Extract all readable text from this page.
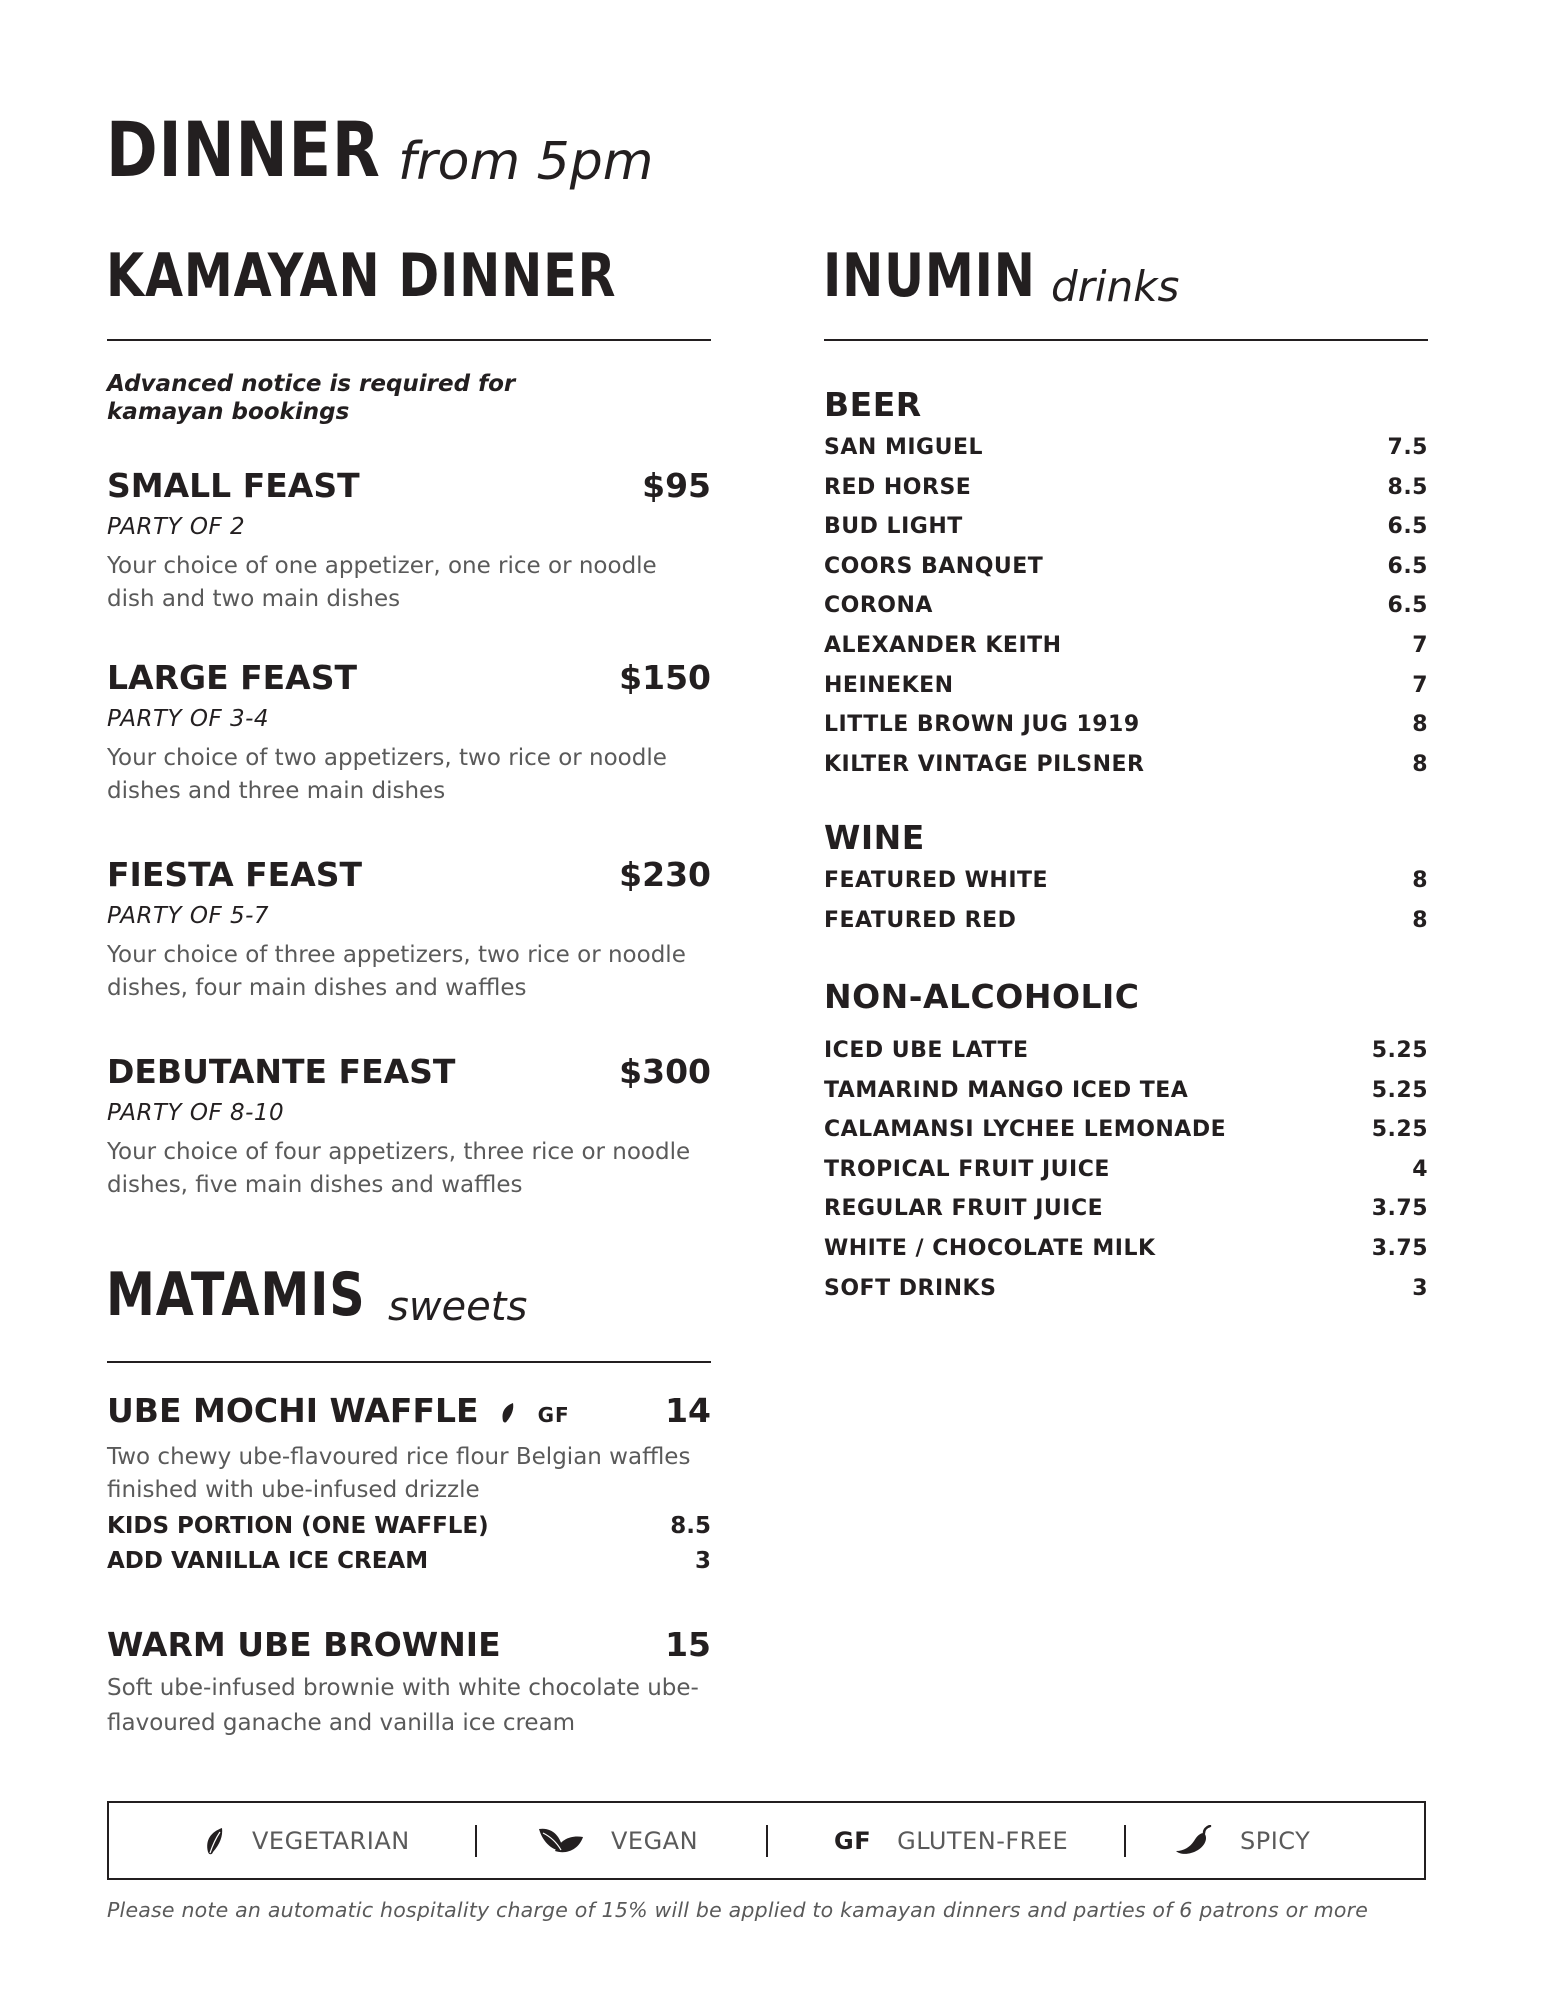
DINNER from 5pm
KAMAYAN DINNER
Advanced notice is required for kamayan bookings
SMALL FEAST	$95
PARTY OF 2
Your choice of one appetizer, one rice or noodle dish and two main dishes
LARGE FEAST	$150
PARTY OF 3-4
Your choice of two appetizers, two rice or noodle dishes and three main dishes
FIESTA FEAST	$230
PARTY OF 5-7
Your choice of three appetizers, two rice or noodle dishes, four main dishes and waffles
DEBUTANTE FEAST	$300
PARTY OF 8-10
Your choice of four appetizers, three rice or noodle dishes, five main dishes and waffles
MATAMIS sweets
UBE MOCHI WAFFLE	GF	14
Two chewy ube-flavoured rice flour Belgian waffles finished with ube-infused drizzle
KIDS PORTION (ONE WAFFLE)	8.5
ADD VANILLA ICE CREAM	3
WARM UBE BROWNIE	15
Soft ube-infused brownie with white chocolate ube-flavoured ganache and vanilla ice cream
INUMIN drinks
BEER
SAN MIGUEL	7.5
RED HORSE	8.5
BUD LIGHT	6.5
COORS BANQUET	6.5
CORONA	6.5
ALEXANDER KEITH	7
HEINEKEN	7
LITTLE BROWN JUG 1919	8
KILTER VINTAGE PILSNER	8
WINE
FEATURED WHITE	8
FEATURED RED	8
NON-ALCOHOLIC
ICED UBE LATTE	5.25
TAMARIND MANGO ICED TEA	5.25
CALAMANSI LYCHEE LEMONADE	5.25
TROPICAL FRUIT JUICE	4
REGULAR FRUIT JUICE	3.75
WHITE / CHOCOLATE MILK	3.75
SOFT DRINKS	3
VEGETARIAN	VEGAN	GF GLUTEN-FREE	SPICY
Please note an automatic hospitality charge of 15% will be applied to kamayan dinners and parties of 6 patrons or more
